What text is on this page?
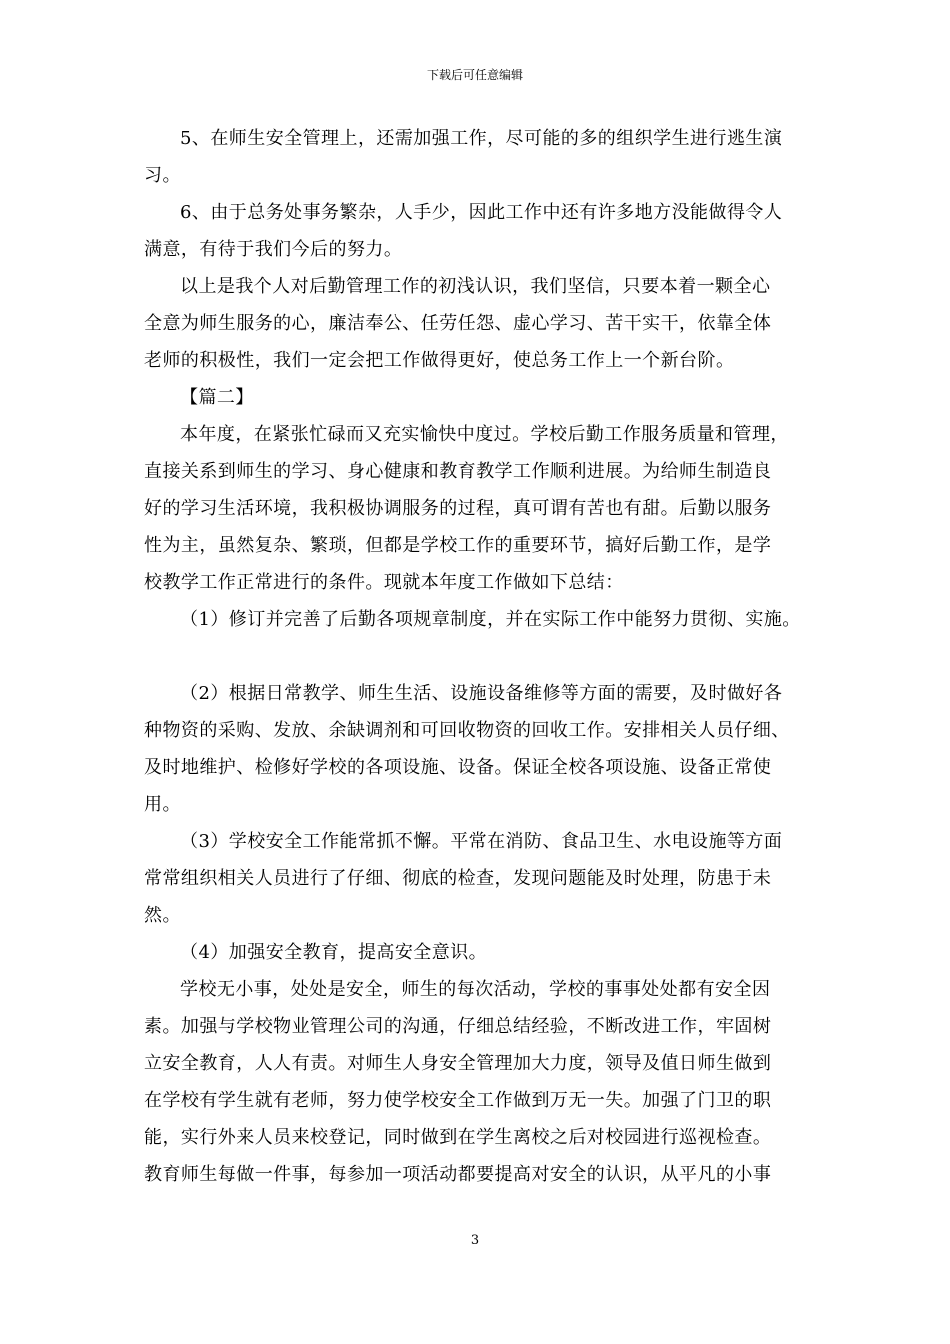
下载后可任意编辑
5、在师生安全管理上，还需加强工作，尽可能的多的组织学生进行逃生演
习。
6、由于总务处事务繁杂，人手少，因此工作中还有许多地方没能做得令人
满意，有待于我们今后的努力。
以上是我个人对后勤管理工作的初浅认识，我们坚信，只要本着一颗全心
全意为师生服务的心，廉洁奉公、任劳任怨、虚心学习、苦干实干，依靠全体
老师的积极性，我们一定会把工作做得更好，使总务工作上一个新台阶。
【篇二】
本年度，在紧张忙碌而又充实愉快中度过。学校后勤工作服务质量和管理，
直接关系到师生的学习、身心健康和教育教学工作顺利进展。为给师生制造良
好的学习生活环境，我积极协调服务的过程，真可谓有苦也有甜。后勤以服务
性为主，虽然复杂、繁琐，但都是学校工作的重要环节，搞好后勤工作，是学
校教学工作正常进行的条件。现就本年度工作做如下总结：
（1）修订并完善了后勤各项规章制度，并在实际工作中能努力贯彻、实施。
（2）根据日常教学、师生生活、设施设备维修等方面的需要，及时做好各
种物资的采购、发放、余缺调剂和可回收物资的回收工作。安排相关人员仔细、
及时地维护、检修好学校的各项设施、设备。保证全校各项设施、设备正常使
用。
（3）学校安全工作能常抓不懈。平常在消防、食品卫生、水电设施等方面
常常组织相关人员进行了仔细、彻底的检查，发现问题能及时处理，防患于未
然。
（4）加强安全教育，提高安全意识。
学校无小事，处处是安全，师生的每次活动，学校的事事处处都有安全因
素。加强与学校物业管理公司的沟通，仔细总结经验，不断改进工作，牢固树
立安全教育，人人有责。对师生人身安全管理加大力度，领导及值日师生做到
在学校有学生就有老师，努力使学校安全工作做到万无一失。加强了门卫的职
能，实行外来人员来校登记，同时做到在学生离校之后对校园进行巡视检查。
教育师生每做一件事，每参加一项活动都要提高对安全的认识，从平凡的小事
3
